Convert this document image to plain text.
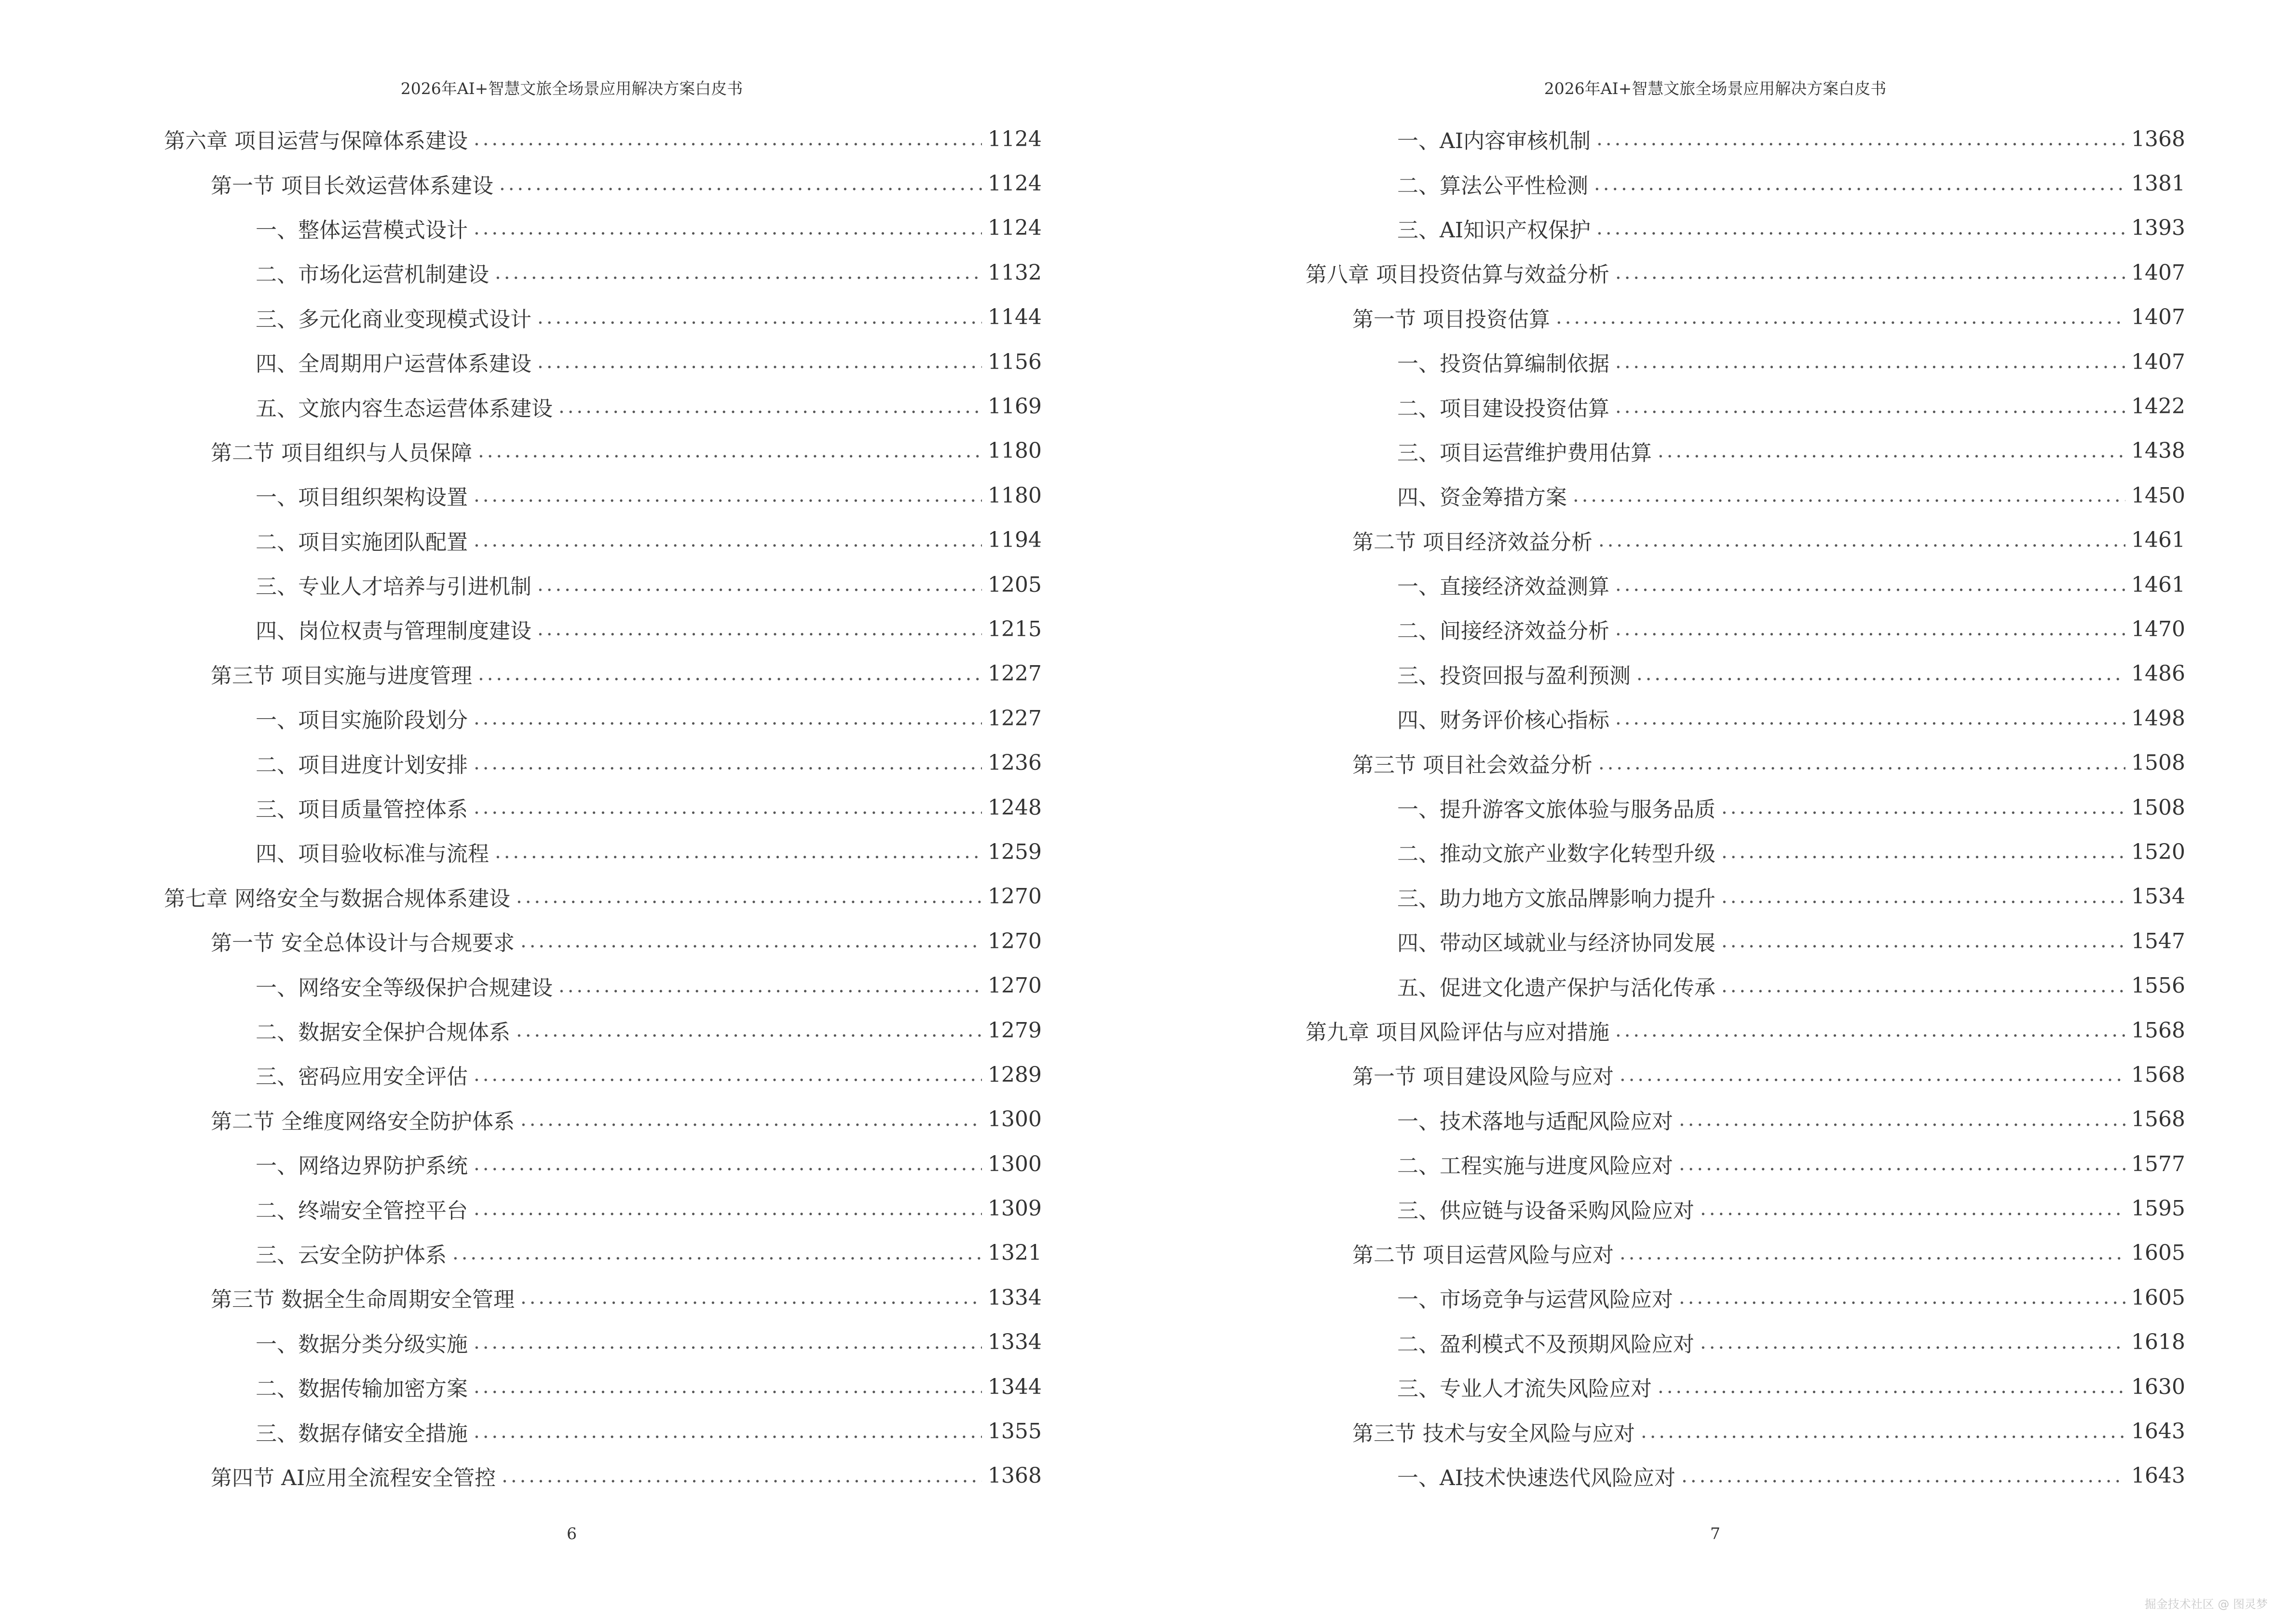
2026年AI+智慧文旅全场景应用解决方案白皮书
第六章 项目运营与保障体系建设 .....	1124
第一节 项目长效运营体系建设 .....	1124
一、整体运营模式设计 .....	1124
二、市场化运营机制建设 .....	1132
三、多元化商业变现模式设计 .....	1144
四、全周期用户运营体系建设 .....	1156
五、文旅内容生态运营体系建设 .....	1169
第二节 项目组织与人员保障 .....	1180
一、项目组织架构设置 .....	1180
二、项目实施团队配置 .....	1194
三、专业人才培养与引进机制 .....	1205
四、岗位权责与管理制度建设 .....	1215
第三节 项目实施与进度管理 .....	1227
一、项目实施阶段划分 .....	1227
二、项目进度计划安排 .....	1236
三、项目质量管控体系 .....	1248
四、项目验收标准与流程 .....	1259
第七章 网络安全与数据合规体系建设 .....	1270
第一节 安全总体设计与合规要求 .....	1270
一、网络安全等级保护合规建设 .....	1270
二、数据安全保护合规体系 .....	1279
三、密码应用安全评估 .....	1289
第二节 全维度网络安全防护体系 .....	1300
一、网络边界防护系统 .....	1300
二、终端安全管控平台 .....	1309
三、云安全防护体系 .....	1321
第三节 数据全生命周期安全管理 .....	1334
一、数据分类分级实施 .....	1334
二、数据传输加密方案 .....	1344
三、数据存储安全措施 .....	1355
第四节 AI应用全流程安全管控 .....	1368
6
2026年AI+智慧文旅全场景应用解决方案白皮书
一、AI内容审核机制 .....	1368
二、算法公平性检测 .....	1381
三、AI知识产权保护 .....	1393
第八章 项目投资估算与效益分析 .....	1407
第一节 项目投资估算 .....	1407
一、投资估算编制依据 .....	1407
二、项目建设投资估算 .....	1422
三、项目运营维护费用估算 .....	1438
四、资金筹措方案 .....	1450
第二节 项目经济效益分析 .....	1461
一、直接经济效益测算 .....	1461
二、间接经济效益分析 .....	1470
三、投资回报与盈利预测 .....	1486
四、财务评价核心指标 .....	1498
第三节 项目社会效益分析 .....	1508
一、提升游客文旅体验与服务品质 .....	1508
二、推动文旅产业数字化转型升级 .....	1520
三、助力地方文旅品牌影响力提升 .....	1534
四、带动区域就业与经济协同发展 .....	1547
五、促进文化遗产保护与活化传承 .....	1556
第九章 项目风险评估与应对措施 .....	1568
第一节 项目建设风险与应对 .....	1568
一、技术落地与适配风险应对 .....	1568
二、工程实施与进度风险应对 .....	1577
三、供应链与设备采购风险应对 .....	1595
第二节 项目运营风险与应对 .....	1605
一、市场竞争与运营风险应对 .....	1605
二、盈利模式不及预期风险应对 .....	1618
三、专业人才流失风险应对 .....	1630
第三节 技术与安全风险与应对 .....	1643
一、AI技术快速迭代风险应对 .....	1643
7
掘金技术社区 @ 图灵梦
